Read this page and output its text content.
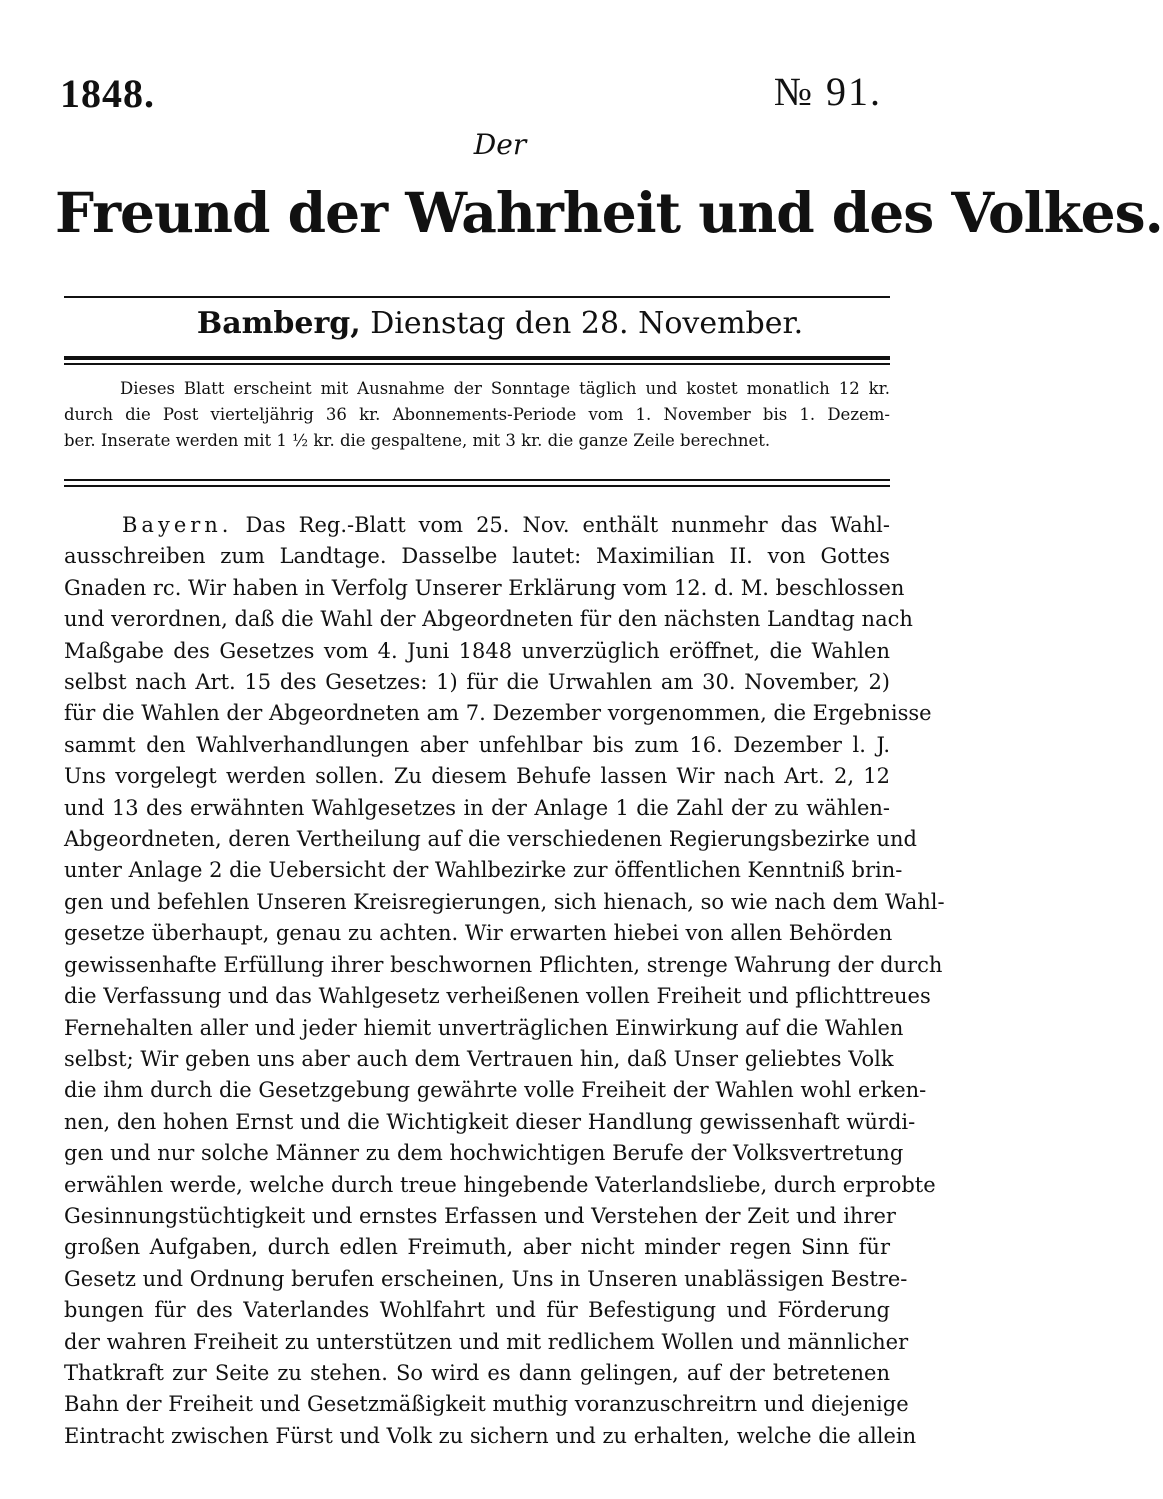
1848.	№ 91.
Der
Freund der Wahrheit und des Volkes.
Bamberg, Dienstag den 28. November.
Dieses Blatt erscheint mit Ausnahme der Sonntage täglich und kostet monatlich 12 kr.
durch die Post vierteljährig 36 kr. Abonnements-Periode vom 1. November bis 1. Dezem-
ber. Inserate werden mit 1 ½ kr. die gespaltene, mit 3 kr. die ganze Zeile berechnet.
Bayern. Das Reg.-Blatt vom 25. Nov. enthält nunmehr das Wahl-
ausschreiben zum Landtage. Dasselbe lautet: Maximilian II. von Gottes
Gnaden rc. Wir haben in Verfolg Unserer Erklärung vom 12. d. M. beschlossen
und verordnen, daß die Wahl der Abgeordneten für den nächsten Landtag nach
Maßgabe des Gesetzes vom 4. Juni 1848 unverzüglich eröffnet, die Wahlen
selbst nach Art. 15 des Gesetzes: 1) für die Urwahlen am 30. November, 2)
für die Wahlen der Abgeordneten am 7. Dezember vorgenommen, die Ergebnisse
sammt den Wahlverhandlungen aber unfehlbar bis zum 16. Dezember l. J.
Uns vorgelegt werden sollen. Zu diesem Behufe lassen Wir nach Art. 2, 12
und 13 des erwähnten Wahlgesetzes in der Anlage 1 die Zahl der zu wählen-
Abgeordneten, deren Vertheilung auf die verschiedenen Regierungsbezirke und
unter Anlage 2 die Uebersicht der Wahlbezirke zur öffentlichen Kenntniß brin-
gen und befehlen Unseren Kreisregierungen, sich hienach, so wie nach dem Wahl-
gesetze überhaupt, genau zu achten. Wir erwarten hiebei von allen Behörden
gewissenhafte Erfüllung ihrer beschwornen Pflichten, strenge Wahrung der durch
die Verfassung und das Wahlgesetz verheißenen vollen Freiheit und pflichttreues
Fernehalten aller und jeder hiemit unverträglichen Einwirkung auf die Wahlen
selbst; Wir geben uns aber auch dem Vertrauen hin, daß Unser geliebtes Volk
die ihm durch die Gesetzgebung gewährte volle Freiheit der Wahlen wohl erken-
nen, den hohen Ernst und die Wichtigkeit dieser Handlung gewissenhaft würdi-
gen und nur solche Männer zu dem hochwichtigen Berufe der Volksvertretung
erwählen werde, welche durch treue hingebende Vaterlandsliebe, durch erprobte
Gesinnungstüchtigkeit und ernstes Erfassen und Verstehen der Zeit und ihrer
großen Aufgaben, durch edlen Freimuth, aber nicht minder regen Sinn für
Gesetz und Ordnung berufen erscheinen, Uns in Unseren unablässigen Bestre-
bungen für des Vaterlandes Wohlfahrt und für Befestigung und Förderung
der wahren Freiheit zu unterstützen und mit redlichem Wollen und männlicher
Thatkraft zur Seite zu stehen. So wird es dann gelingen, auf der betretenen
Bahn der Freiheit und Gesetzmäßigkeit muthig voranzuschreitrn und diejenige
Eintracht zwischen Fürst und Volk zu sichern und zu erhalten, welche die allein
